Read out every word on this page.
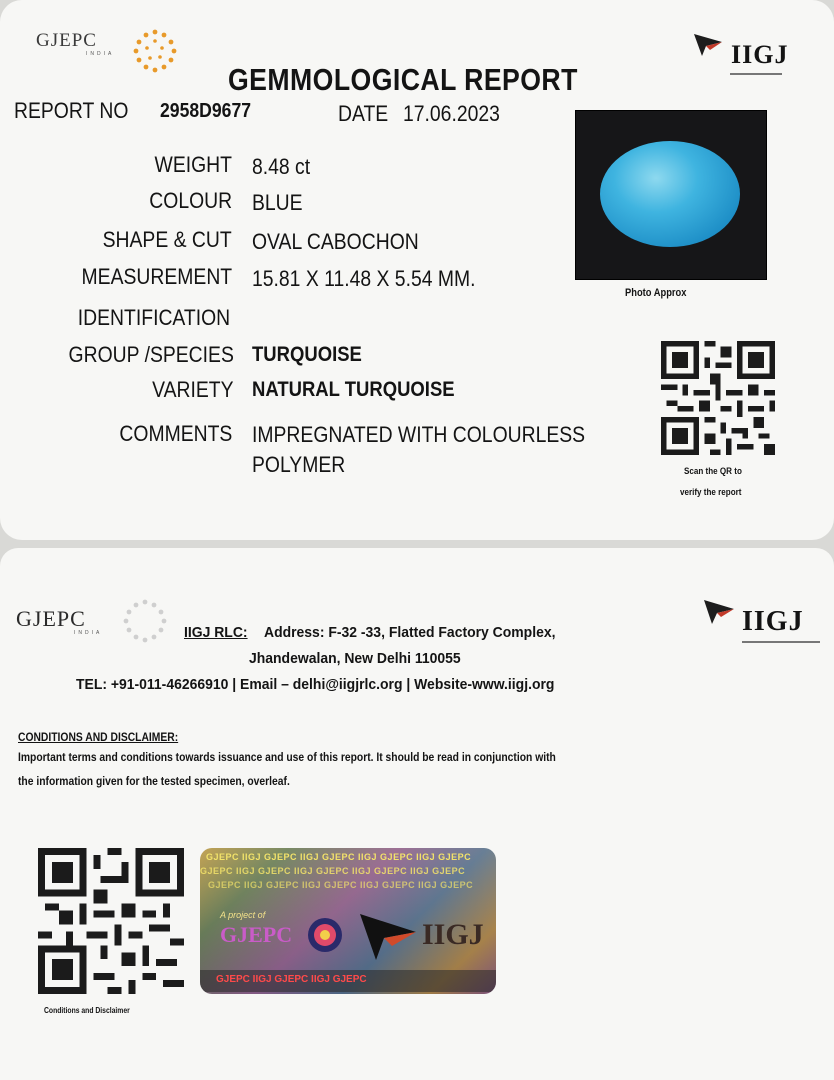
GJEPC
INDIA	IIGJ
GEMMOLOGICAL REPORT
REPORT NO 2958D9677	DATE 17.06.2023
WEIGHT 8.48 ct
COLOUR BLUE
SHAPE & CUT OVAL CABOCHON
MEASUREMENT 15.81 X 11.48 X 5.54 MM.
IDENTIFICATION
GROUP /SPECIES TURQUOISE
VARIETY NATURAL TURQUOISE
COMMENTS IMPREGNATED WITH COLOURLESS
POLYMER
Photo Approx
Scan the QR to
verify the report
GJEPC
INDIA	IIGJ
IIGJ RLC: Address: F-32 -33, Flatted Factory Complex,
Jhandewalan, New Delhi 110055
TEL: +91-011-46266910 | Email – delhi@iigjrlc.org | Website-www.iigj.org
CONDITIONS AND DISCLAIMER:
Important terms and conditions towards issuance and use of this report. It should be read in conjunction with
the information given for the tested specimen, overleaf.
Conditions and Disclaimer
GJEPC IIGJ GJEPC IIGJ GJEPC IIGJ GJEPC IIGJ GJEPC
GJEPC IIGJ GJEPC IIGJ GJEPC IIGJ GJEPC IIGJ GJEPC
GJEPC IIGJ GJEPC IIGJ GJEPC IIGJ GJEPC IIGJ GJEPC
A project of
GJEPC	IIGJ
GJEPC IIGJ GJEPC IIGJ GJEPC
